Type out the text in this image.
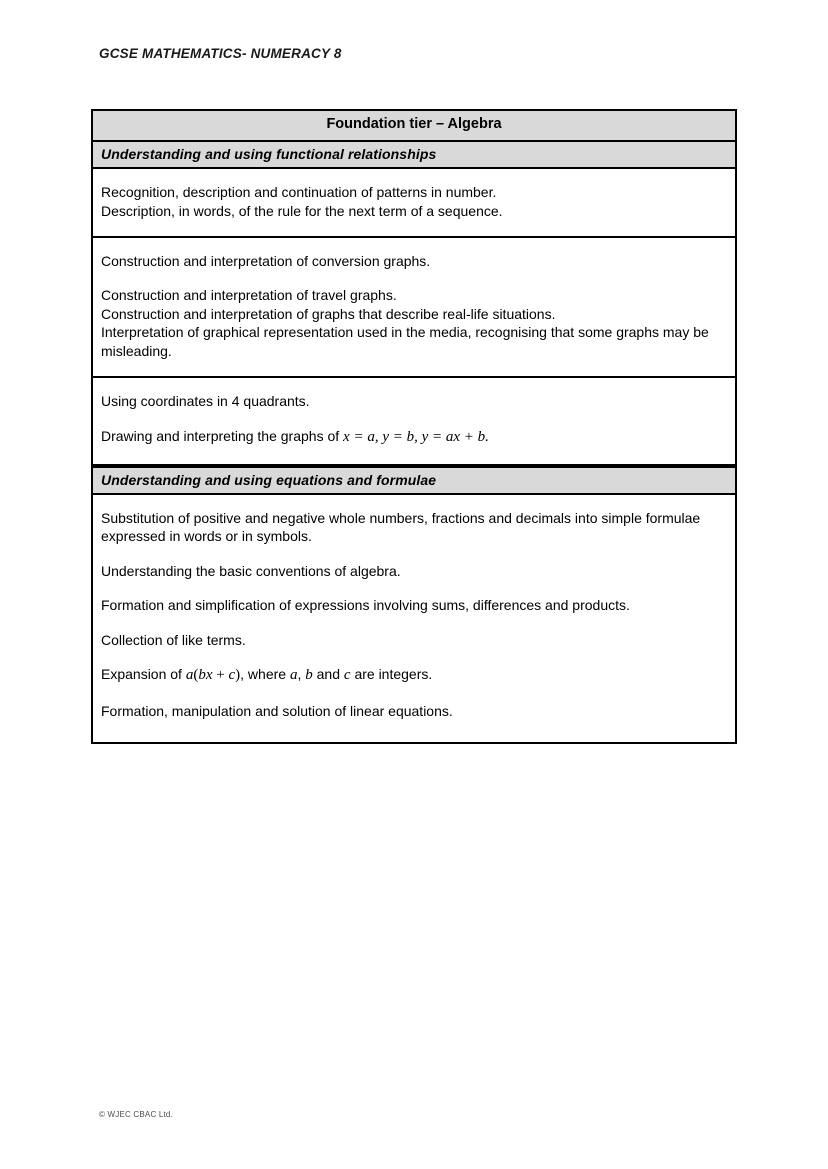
GCSE MATHEMATICS- NUMERACY 8
Foundation tier – Algebra
Understanding and using functional relationships

Recognition, description and continuation of patterns in number.

Description, in words, of the rule for the next term of a sequence.

Construction and interpretation of conversion graphs.

Construction and interpretation of travel graphs.

Construction and interpretation of graphs that describe real-life situations.

Interpretation of graphical representation used in the media, recognising that some graphs may be misleading.

Using coordinates in 4 quadrants.

Drawing and interpreting the graphs of x = a, y = b, y = ax + b.

Understanding and using equations and formulae

Substitution of positive and negative whole numbers, fractions and decimals into simple formulae expressed in words or in symbols.

Understanding the basic conventions of algebra.

Formation and simplification of expressions involving sums, differences and products.

Collection of like terms.

Expansion of a(bx + c), where a, b and c are integers.

Formation, manipulation and solution of linear equations.

© WJEC CBAC Ltd.
